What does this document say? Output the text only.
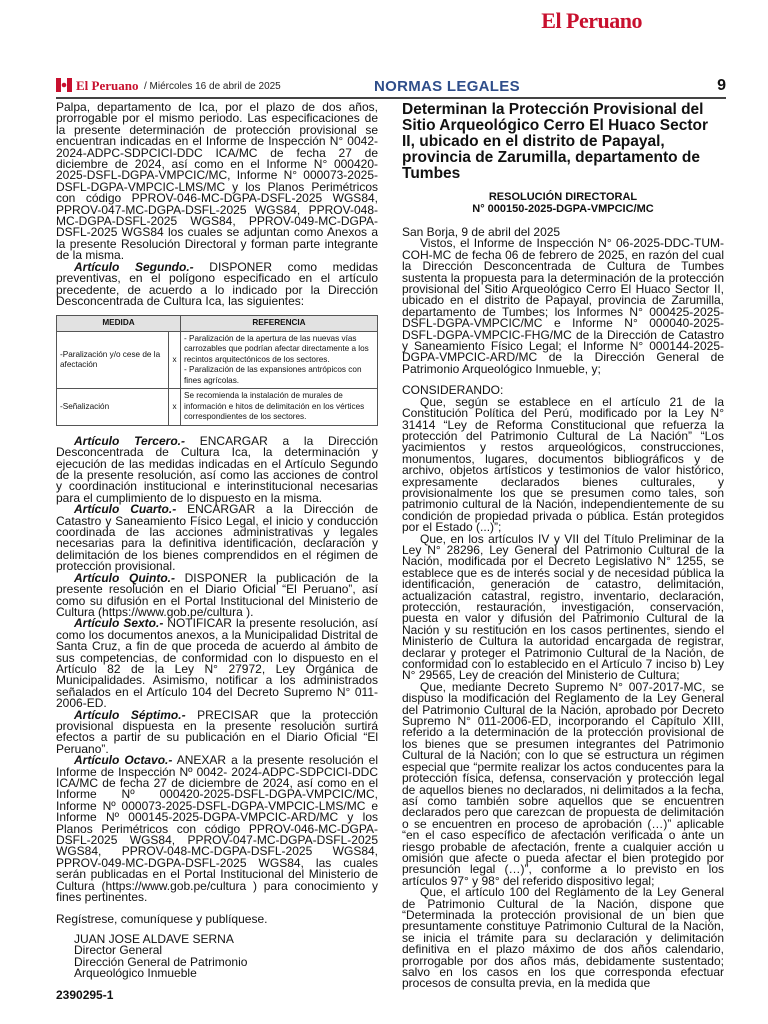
El Peruano
El Peruano / Miércoles 16 de abril de 2025	NORMAS LEGALES	9

Palpa, departamento de Ica, por el plazo de dos años, prorrogable por el mismo periodo. Las especificaciones de la presente determinación de protección provisional se encuentran indicadas en el Informe de Inspección N° 0042- 2024-ADPC-SDPCICI-DDC ICA/MC de fecha 27 de diciembre de 2024, así como en el Informe N° 000420-2025-DSFL-DGPA-VMPCIC/MC, Informe N° 000073-2025-DSFL-DGPA-VMPCIC-LMS/MC y los Planos Perimétricos con código PPROV-046-MC-DGPA-DSFL-2025 WGS84, PPROV-047-MC-DGPA-DSFL-2025 WGS84, PPROV-048-MC-DGPA-DSFL-2025 WGS84, PPROV-049-MC-DGPA-DSFL-2025 WGS84 los cuales se adjuntan como Anexos a la presente Resolución Directoral y forman parte integrante de la misma.

Artículo Segundo.- DISPONER como medidas preventivas, en el polígono especificado en el artículo precedente, de acuerdo a lo indicado por la Dirección Desconcentrada de Cultura Ica, las siguientes:

MEDIDA		REFERENCIA
-Paralización y/o cese de la afectación	x	- Paralización de la apertura de las nuevas vías carrozables que podrían afectar directamente a los recintos arquitectónicos de los sectores.
- Paralización de las expansiones antrópicos con fines agrícolas.

-Señalización	x	Se recomienda la instalación de murales de información e hitos de delimitación en los vértices correspondientes de los sectores.

Artículo Tercero.- ENCARGAR a la Dirección Desconcentrada de Cultura Ica, la determinación y ejecución de las medidas indicadas en el Artículo Segundo de la presente resolución, así como las acciones de control y coordinación institucional e interinstitucional necesarias para el cumplimiento de lo dispuesto en la misma.

Artículo Cuarto.- ENCARGAR a la Dirección de Catastro y Saneamiento Físico Legal, el inicio y conducción coordinada de las acciones administrativas y legales necesarias para la definitiva identificación, declaración y delimitación de los bienes comprendidos en el régimen de protección provisional.

Artículo Quinto.- DISPONER la publicación de la presente resolución en el Diario Oficial “El Peruano”, así como su difusión en el Portal Institucional del Ministerio de Cultura (https://www.gob.pe/cultura ).

Artículo Sexto.- NOTIFICAR la presente resolución, así como los documentos anexos, a la Municipalidad Distrital de Santa Cruz, a fin de que proceda de acuerdo al ámbito de sus competencias, de conformidad con lo dispuesto en el Artículo 82 de la Ley N° 27972, Ley Orgánica de Municipalidades. Asimismo, notificar a los administrados señalados en el Artículo 104 del Decreto Supremo N° 011-2006-ED.

Artículo Séptimo.- PRECISAR que la protección provisional dispuesta en la presente resolución surtirá efectos a partir de su publicación en el Diario Oficial “El Peruano”.

Artículo Octavo.- ANEXAR a la presente resolución el Informe de Inspección Nº 0042- 2024-ADPC-SDPCICI-DDC ICA/MC de fecha 27 de diciembre de 2024, así como en el Informe Nº 000420-2025-DSFL-DGPA-VMPCIC/MC, Informe Nº 000073-2025-DSFL-DGPA-VMPCIC-LMS/MC e Informe Nº 000145-2025-DGPA-VMPCIC-ARD/MC y los Planos Perimétricos con código PPROV-046-MC-DGPA-DSFL-2025 WGS84, PPROV-047-MC-DGPA-DSFL-2025 WGS84, PPROV-048-MC-DGPA-DSFL-2025 WGS84, PPROV-049-MC-DGPA-DSFL-2025 WGS84, las cuales serán publicadas en el Portal Institucional del Ministerio de Cultura (https://www.gob.pe/cultura ) para conocimiento y fines pertinentes.

Regístrese, comuníquese y publíquese.

JUAN JOSE ALDAVE SERNA

Director General

Dirección General de Patrimonio

Arqueológico Inmueble

2390295-1

Determinan la Protección Provisional del Sitio Arqueológico Cerro El Huaco Sector II, ubicado en el distrito de Papayal, provincia de Zarumilla, departamento de Tumbes
RESOLUCIÓN DIRECTORAL
N° 000150-2025-DGPA-VMPCIC/MC

San Borja, 9 de abril del 2025

Vistos, el Informe de Inspección N° 06-2025-DDC-TUM-COH-MC de fecha 06 de febrero de 2025, en razón del cual la Dirección Desconcentrada de Cultura de Tumbes sustenta la propuesta para la determinación de la protección provisional del Sitio Arqueológico Cerro El Huaco Sector II, ubicado en el distrito de Papayal, provincia de Zarumilla, departamento de Tumbes; los Informes N° 000425-2025-DSFL-DGPA-VMPCIC/MC e Informe N° 000040-2025-DSFL-DGPA-VMPCIC-FHG/MC de la Dirección de Catastro y Saneamiento Físico Legal; el Informe N° 000144-2025-DGPA-VMPCIC-ARD/MC de la Dirección General de Patrimonio Arqueológico Inmueble, y;

CONSIDERANDO:

Que, según se establece en el artículo 21 de la Constitución Política del Perú, modificado por la Ley N° 31414 “Ley de Reforma Constitucional que refuerza la protección del Patrimonio Cultural de La Nación” “Los yacimientos y restos arqueológicos, construcciones, monumentos, lugares, documentos bibliográficos y de archivo, objetos artísticos y testimonios de valor histórico, expresamente declarados bienes culturales, y provisionalmente los que se presumen como tales, son patrimonio cultural de la Nación, independientemente de su condición de propiedad privada o pública. Están protegidos por el Estado (...)”;

Que, en los artículos IV y VII del Título Preliminar de la Ley N° 28296, Ley General del Patrimonio Cultural de la Nación, modificada por el Decreto Legislativo N° 1255, se establece que es de interés social y de necesidad pública la identificación, generación de catastro, delimitación, actualización catastral, registro, inventario, declaración, protección, restauración, investigación, conservación, puesta en valor y difusión del Patrimonio Cultural de la Nación y su restitución en los casos pertinentes, siendo el Ministerio de Cultura la autoridad encargada de registrar, declarar y proteger el Patrimonio Cultural de la Nación, de conformidad con lo establecido en el Artículo 7 inciso b) Ley N° 29565, Ley de creación del Ministerio de Cultura;

Que, mediante Decreto Supremo N° 007-2017-MC, se dispuso la modificación del Reglamento de la Ley General del Patrimonio Cultural de la Nación, aprobado por Decreto Supremo N° 011-2006-ED, incorporando el Capítulo XIII, referido a la determinación de la protección provisional de los bienes que se presumen integrantes del Patrimonio Cultural de la Nación; con lo que se estructura un régimen especial que “permite realizar los actos conducentes para la protección física, defensa, conservación y protección legal de aquellos bienes no declarados, ni delimitados a la fecha, así como también sobre aquellos que se encuentren declarados pero que carezcan de propuesta de delimitación o se encuentren en proceso de aprobación (…)” aplicable “en el caso específico de afectación verificada o ante un riesgo probable de afectación, frente a cualquier acción u omisión que afecte o pueda afectar el bien protegido por presunción legal (…)”, conforme a lo previsto en los artículos 97° y 98° del referido dispositivo legal;

Que, el artículo 100 del Reglamento de la Ley General de Patrimonio Cultural de la Nación, dispone que “Determinada la protección provisional de un bien que presuntamente constituye Patrimonio Cultural de la Nación, se inicia el trámite para su declaración y delimitación definitiva en el plazo máximo de dos años calendario, prorrogable por dos años más, debidamente sustentado; salvo en los casos en los que corresponda efectuar procesos de consulta previa, en la medida que
